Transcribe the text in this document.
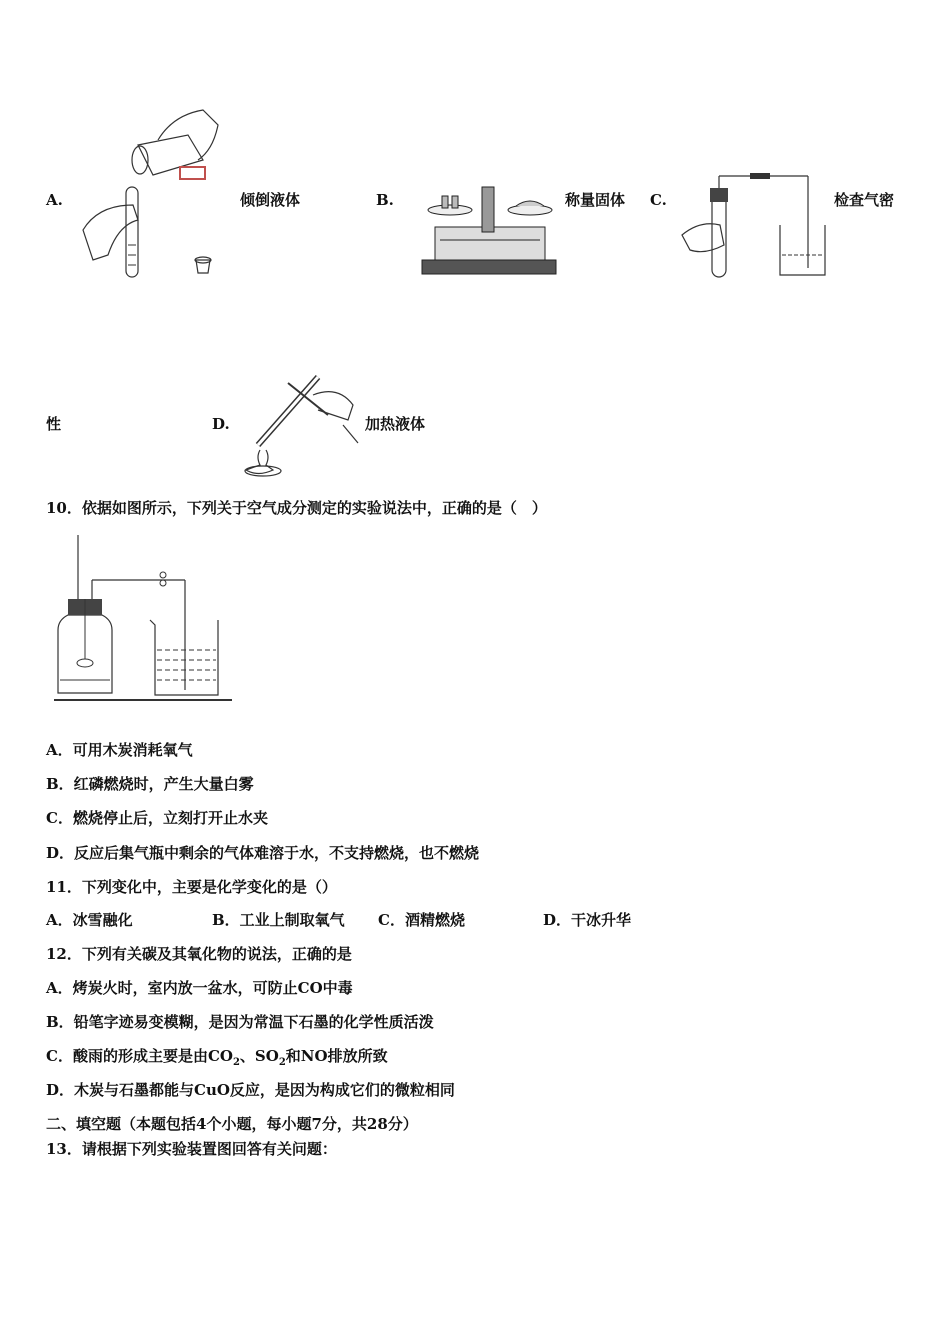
A.	倾倒液体	B.	称量固体 C.	检查气密
性	D.	加热液体
10．依据如图所示，下列关于空气成分测定的实验说法中，正确的是（　）
A．可用木炭消耗氧气
B．红磷燃烧时，产生大量白雾
C．燃烧停止后，立刻打开止水夹
D．反应后集气瓶中剩余的气体难溶于水，不支持燃烧，也不燃烧
11．下列变化中，主要是化学变化的是（）
A．冰雪融化	B．工业上制取氧气 C．酒精燃烧	D．干冰升华
12．下列有关碳及其氧化物的说法，正确的是
A．烤炭火时，室内放一盆水，可防止CO中毒
B．铅笔字迹易变模糊，是因为常温下石墨的化学性质活泼
C．酸雨的形成主要是由$CO_2$、$SO_2$和NO排放所致
D．木炭与石墨都能与CuO反应，是因为构成它们的微粒相同
二、填空题（本题包括4个小题，每小题7分，共28分）
13．请根据下列实验装置图回答有关问题：
